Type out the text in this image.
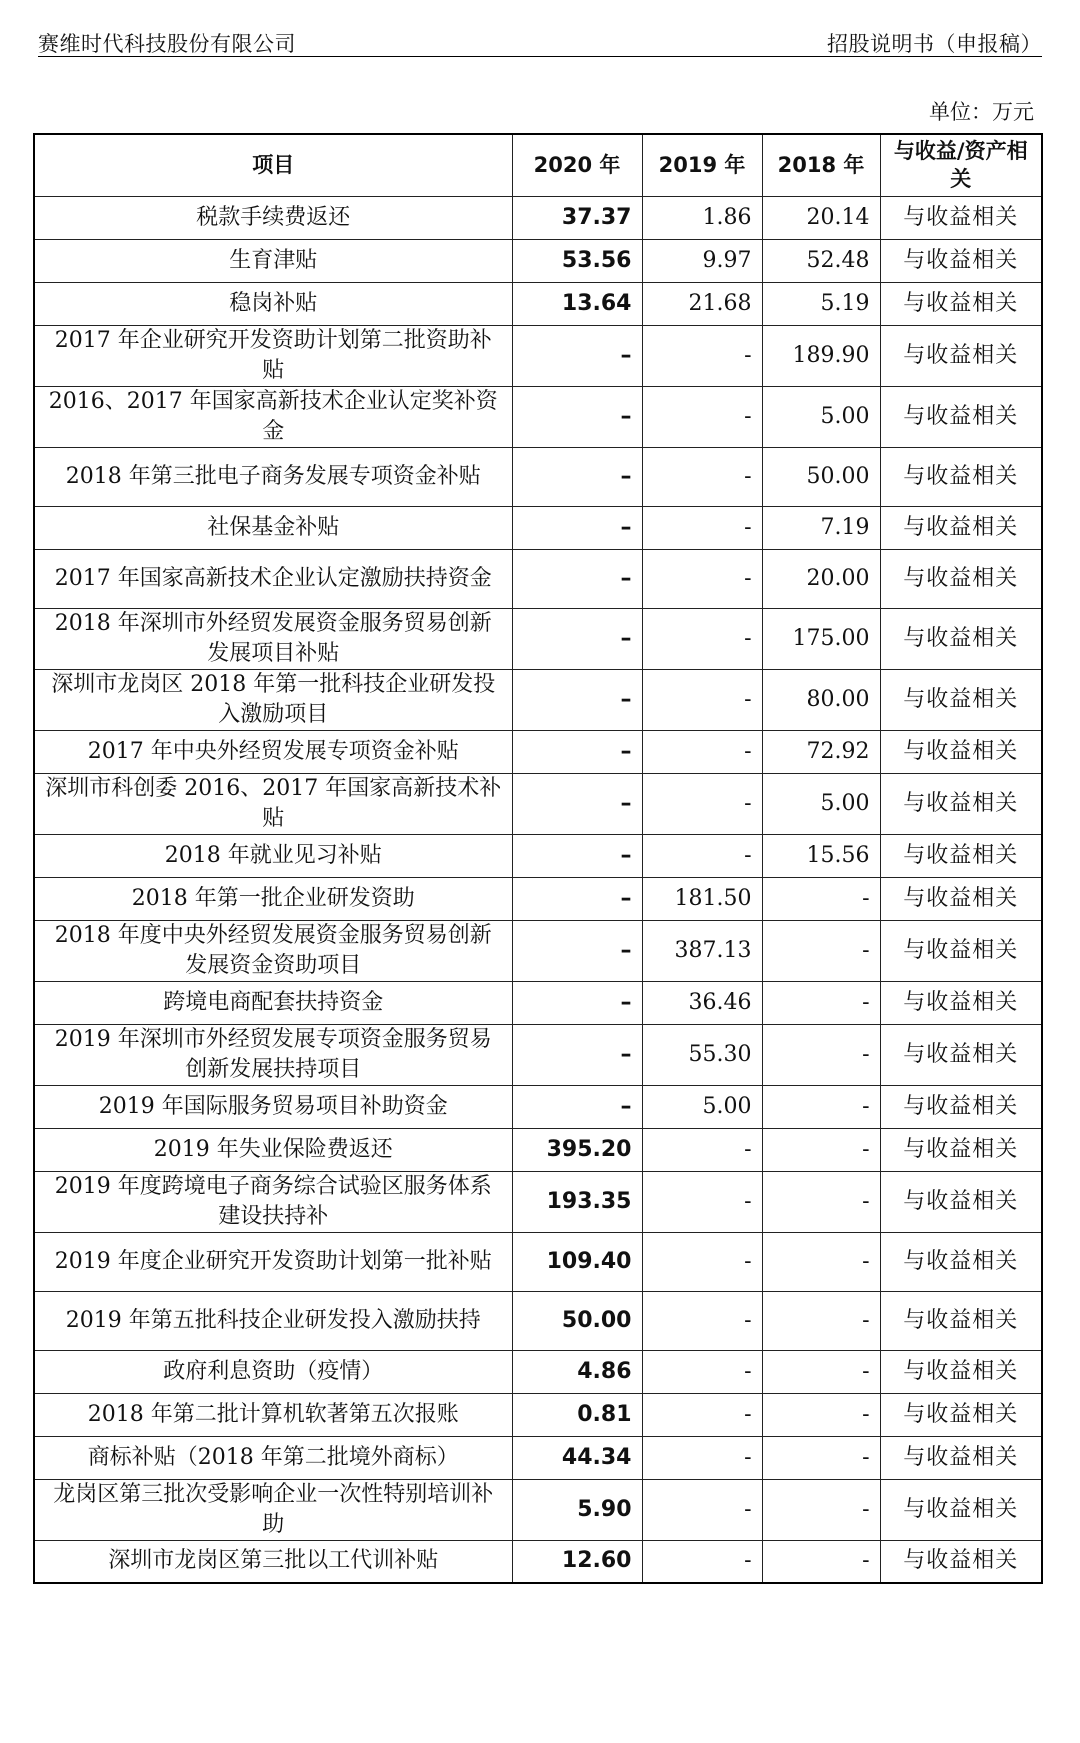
赛维时代科技股份有限公司	招股说明书（申报稿）
单位：万元
项目	2020 年	2019 年	2018 年	与收益/资产相关
税款手续费返还	37.37	1.86	20.14	与收益相关
生育津贴	53.56	9.97	52.48	与收益相关
稳岗补贴	13.64	21.68	5.19	与收益相关
2017 年企业研究开发资助计划第二批资助补贴	–	-	189.90	与收益相关
2016、2017 年国家高新技术企业认定奖补资金	–	-	5.00	与收益相关
2018 年第三批电子商务发展专项资金补贴	–	-	50.00	与收益相关
社保基金补贴	–	-	7.19	与收益相关
2017 年国家高新技术企业认定激励扶持资金	–	-	20.00	与收益相关
2018 年深圳市外经贸发展资金服务贸易创新发展项目补贴	–	-	175.00	与收益相关
深圳市龙岗区 2018 年第一批科技企业研发投入激励项目	–	-	80.00	与收益相关
2017 年中央外经贸发展专项资金补贴	–	-	72.92	与收益相关
深圳市科创委 2016、2017 年国家高新技术补贴	–	-	5.00	与收益相关
2018 年就业见习补贴	–	-	15.56	与收益相关
2018 年第一批企业研发资助	–	181.50	-	与收益相关
2018 年度中央外经贸发展资金服务贸易创新发展资金资助项目	–	387.13	-	与收益相关
跨境电商配套扶持资金	–	36.46	-	与收益相关
2019 年深圳市外经贸发展专项资金服务贸易创新发展扶持项目	–	55.30	-	与收益相关
2019 年国际服务贸易项目补助资金	–	5.00	-	与收益相关
2019 年失业保险费返还	395.20	-	-	与收益相关
2019 年度跨境电子商务综合试验区服务体系建设扶持补	193.35	-	-	与收益相关
2019 年度企业研究开发资助计划第一批补贴	109.40	-	-	与收益相关
2019 年第五批科技企业研发投入激励扶持	50.00	-	-	与收益相关
政府利息资助（疫情）	4.86	-	-	与收益相关
2018 年第二批计算机软著第五次报账	0.81	-	-	与收益相关
商标补贴（2018 年第二批境外商标）	44.34	-	-	与收益相关
龙岗区第三批次受影响企业一次性特别培训补助	5.90	-	-	与收益相关
深圳市龙岗区第三批以工代训补贴	12.60	-	-	与收益相关
